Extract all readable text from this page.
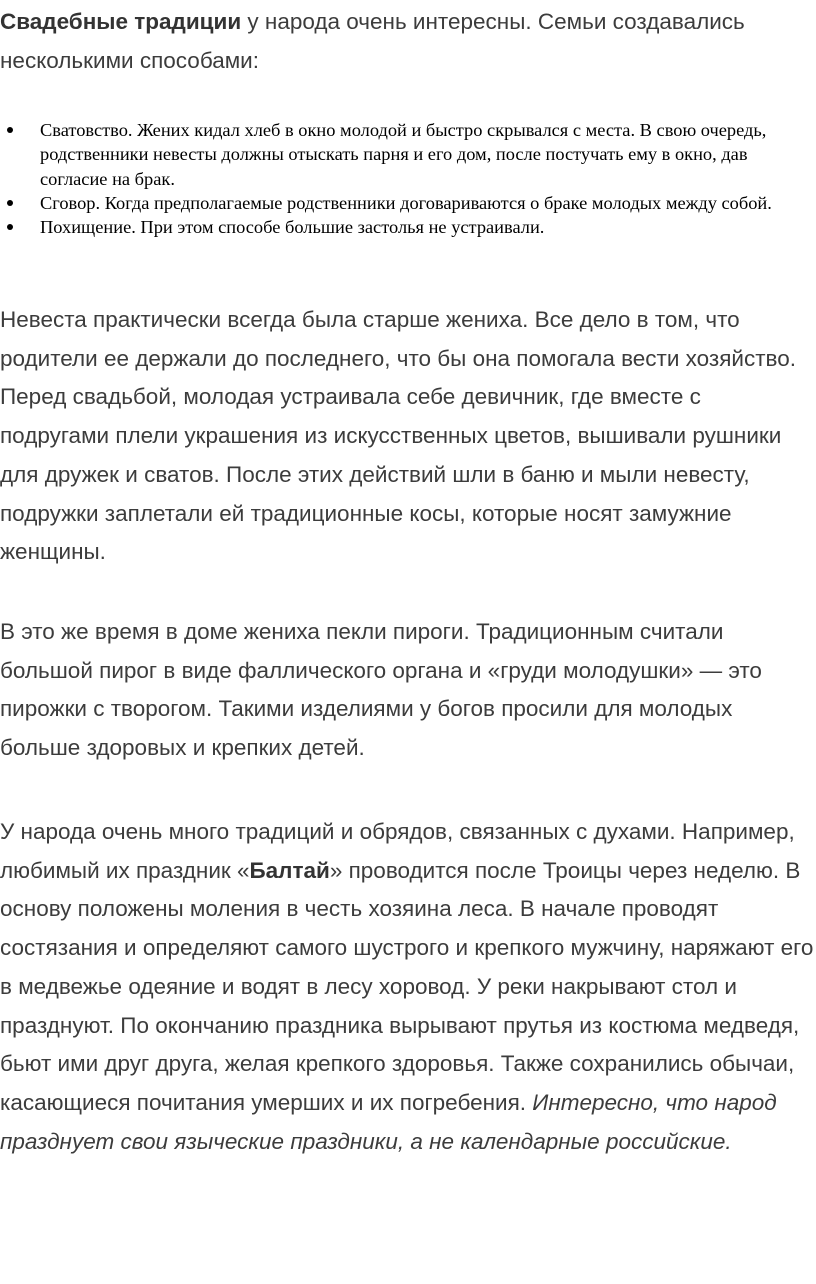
Свадебные традиции у народа очень интересны. Семьи создавались несколькими способами:

Сватовство. Жених кидал хлеб в окно молодой и быстро скрывался с места. В свою очередь, родственники невесты должны отыскать парня и его дом, после постучать ему в окно, дав согласие на брак.
Сговор. Когда предполагаемые родственники договариваются о браке молодых между собой.
Похищение. При этом способе большие застолья не устраивали.

Невеста практически всегда была старше жениха. Все дело в том, что родители ее держали до последнего, что бы она помогала вести хозяйство. Перед свадьбой, молодая устраивала себе девичник, где вместе с подругами плели украшения из искусственных цветов, вышивали рушники для дружек и сватов. После этих действий шли в баню и мыли невесту, подружки заплетали ей традиционные косы, которые носят замужние женщины.

В это же время в доме жениха пекли пироги. Традиционным считали большой пирог в виде фаллического органа и «груди молодушки» — это пирожки с творогом. Такими изделиями у богов просили для молодых больше здоровых и крепких детей.

У народа очень много традиций и обрядов, связанных с духами. Например, любимый их праздник «Балтай» проводится после Троицы через неделю. В основу положены моления в честь хозяина леса. В начале проводят состязания и определяют самого шустрого и крепкого мужчину, наряжают его в медвежье одеяние и водят в лесу хоровод. У реки накрывают стол и празднуют. По окончанию праздника вырывают прутья из костюма медведя, бьют ими друг друга, желая крепкого здоровья. Также сохранились обычаи, касающиеся почитания умерших и их погребения. Интересно, что народ празднует свои языческие праздники, а не календарные российские.
